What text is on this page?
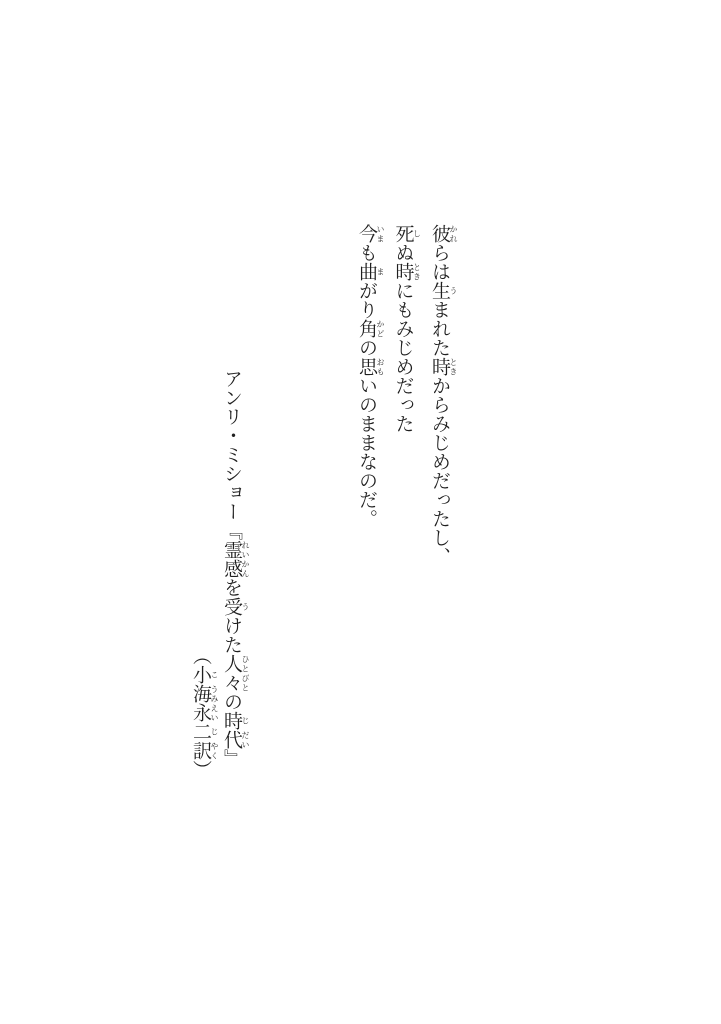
彼 かれらは生 うまれた時 ときからみじめだったし、

死 しぬ時 ときにもみじめだった

今 いまも曲 まがり角 かどの思 おもいのままなのだ。

アンリ・ミショー『霊 れい感 かんを受 うけた人々 ひとびとの時 じ代 だい』
（小 こ海 うみ永 えい二 じ訳 やく）
